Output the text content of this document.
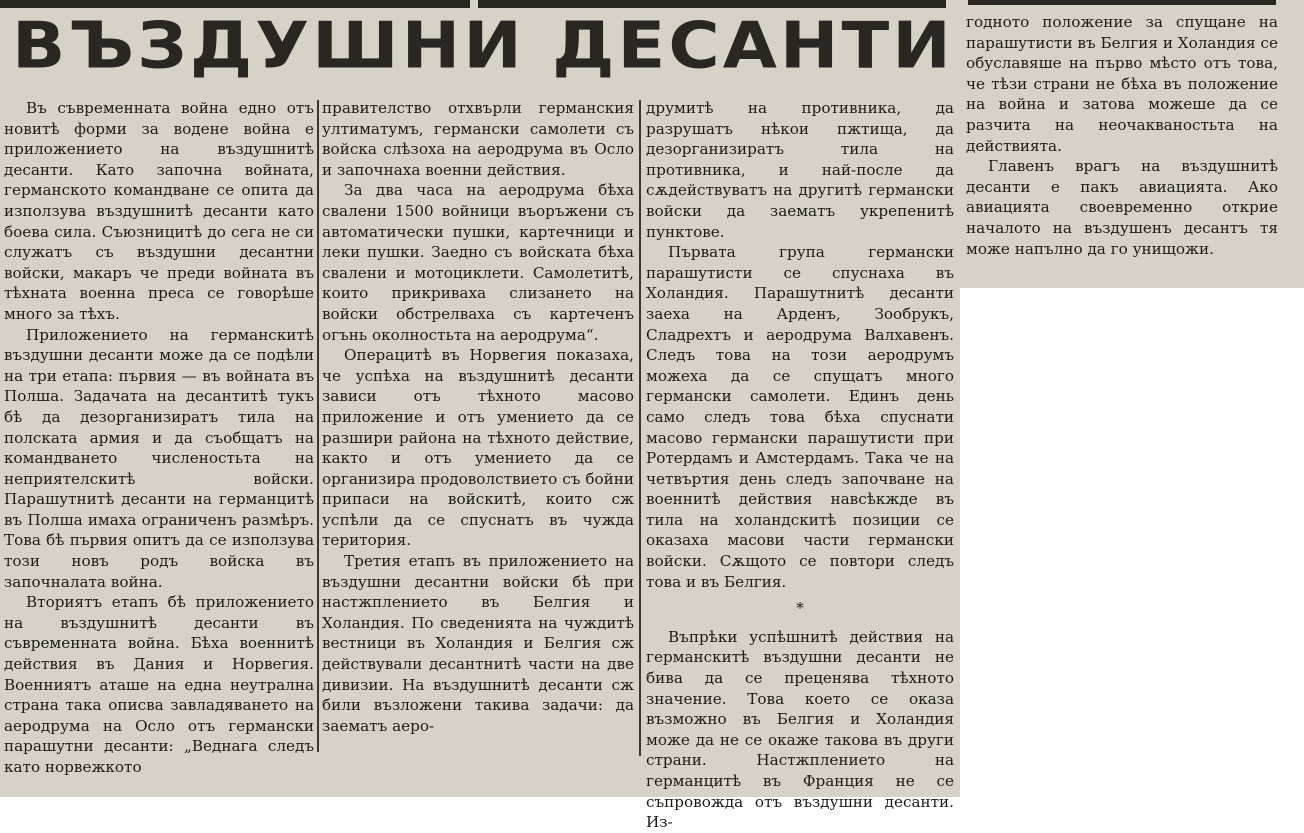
ВЪЗДУШНИ ДЕСАНТИ

Въ съвременната война едно отъ новитѣ форми за водене война е приложението на въздушнитѣ десанти. Като започна войната, германското командване се опита да използува въздушнитѣ десанти като боева сила. Съюзницитѣ до сега не си служатъ съ въздушни десантни войски, макаръ че преди войната въ тѣхната военна преса се говорѣше много за тѣхъ.

Приложението на германскитѣ въздушни десанти може да се подѣли на три етапа: първия — въ войната въ Полша. Задачата на десантитѣ тукъ бѣ да дезорганизиратъ тила на полската армия и да съобщатъ на командването численостьта на неприятелскитѣ войски. Парашутнитѣ десанти на германцитѣ въ Полша имаха ограниченъ размѣръ. Това бѣ първия опитъ да се използува този новъ родъ войска въ започналата война.

Вториятъ етапъ бѣ приложението на въздушнитѣ десанти въ съвременната война. Бѣха военнитѣ действия въ Дания и Норвегия. Военниятъ аташе на една неутрална страна така описва завладяването на аеродрума на Осло отъ германски парашутни десанти: „Веднага следъ като норвежкото

правителство отхвърли германския ултиматумъ, германски самолети съ войска слѣзоха на аеродрума въ Осло и започнаха военни действия.

За два часа на аеродрума бѣха свалени 1500 войници въоръжени съ автоматически пушки, картечници и леки пушки. Заедно съ войската бѣха свалени и мотоциклети. Самолетитѣ, които прикриваха слизането на войски обстрелваха съ картеченъ огънь околностьта на аеродрума“.

Операцитѣ въ Норвегия показаха, че успѣха на въздушнитѣ десанти зависи отъ тѣхното масово приложение и отъ умението да се разшири района на тѣхното действие, както и отъ умението да се организира продоволствието съ бойни припаси на войскитѣ, които сж успѣли да се спуснатъ въ чужда територия.

Третия етапъ въ приложението на въздушни десантни войски бѣ при настжплението въ Белгия и Холандия. По сведенията на чуждитѣ вестници въ Холандия и Белгия сж действували десантнитѣ части на две дивизии. На въздушнитѣ десанти сж били възложени такива задачи: да заематъ аеро-

друмитѣ на противника, да разрушатъ нѣкои пжтища, да дезорганизиратъ тила на противника, и най-после да сѫдействуватъ на другитѣ германски войски да заематъ укрепенитѣ пунктове.

Първата група германски парашутисти се спуснаха въ Холандия. Парашутнитѣ десанти заеха на Арденъ, Зообрукъ, Сладрехтъ и аеродрума Валхавенъ. Следъ това на този аеродрумъ можеха да се спущатъ много германски самолети. Единъ день само следъ това бѣха спуснати масово германски парашутисти при Ротердамъ и Амстердамъ. Така че на четвъртия день следъ започване на военнитѣ действия навсѣкжде въ тила на холандскитѣ позиции се оказаха масови части германски войски. Сѫщото се повтори следъ това и въ Белгия.

*

Въпрѣки успѣшнитѣ действия на германскитѣ въздушни десанти не бива да се преценява тѣхното значение. Това което се оказа възможно въ Белгия и Холандия може да не се окаже такова въ други страни. Настжплението на германцитѣ въ Франция не се съпровожда отъ въздушни десанти. Из-

годното положение за спущане на парашутисти въ Белгия и Холандия се обуславяше на първо мѣсто отъ това, че тѣзи страни не бѣха въ положение на война и затова можеше да се разчита на неочакваностьта на действията.

Главенъ врагъ на въздушнитѣ десанти е пакъ авиацията. Ако авиацията своевременно открие началото на въздушенъ десантъ тя може напълно да го унищожи.
